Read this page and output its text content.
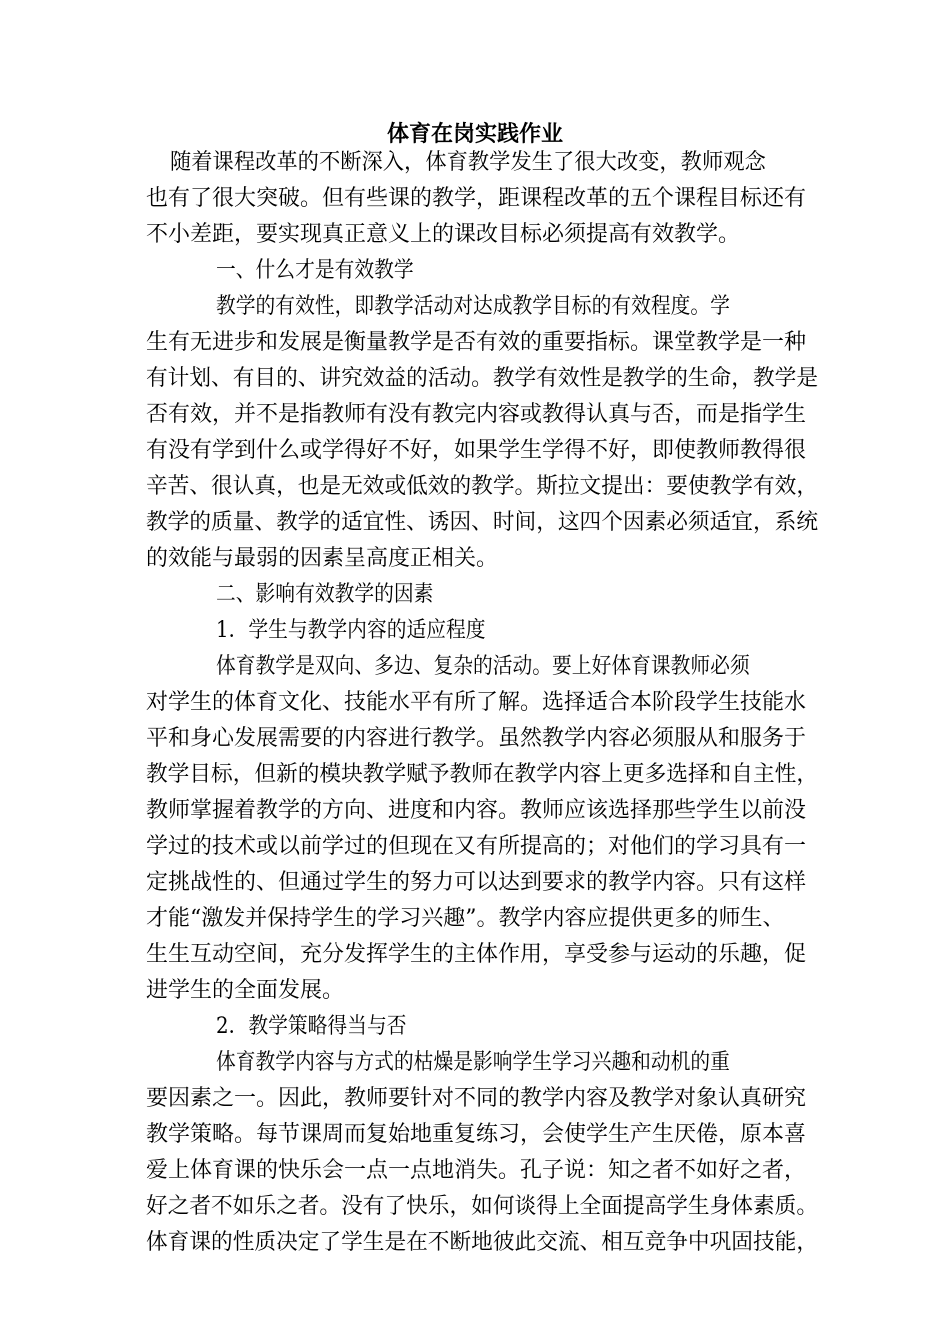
体育在岗实践作业

随着课程改革的不断深入，体育教学发生了很大改变，教师观念

也有了很大突破。但有些课的教学，距课程改革的五个课程目标还有

不小差距，要实现真正意义上的课改目标必须提高有效教学。

一、什么才是有效教学

教学的有效性，即教学活动对达成教学目标的有效程度。学

生有无进步和发展是衡量教学是否有效的重要指标。课堂教学是一种

有计划、有目的、讲究效益的活动。教学有效性是教学的生命，教学是

否有效，并不是指教师有没有教完内容或教得认真与否，而是指学生

有没有学到什么或学得好不好，如果学生学得不好，即使教师教得很

辛苦、很认真，也是无效或低效的教学。斯拉文提出：要使教学有效，

教学的质量、教学的适宜性、诱因、时间，这四个因素必须适宜，系统

的效能与最弱的因素呈高度正相关。

二、影响有效教学的因素

1．学生与教学内容的适应程度

体育教学是双向、多边、复杂的活动。要上好体育课教师必须

对学生的体育文化、技能水平有所了解。选择适合本阶段学生技能水

平和身心发展需要的内容进行教学。虽然教学内容必须服从和服务于

教学目标，但新的模块教学赋予教师在教学内容上更多选择和自主性，

教师掌握着教学的方向、进度和内容。教师应该选择那些学生以前没

学过的技术或以前学过的但现在又有所提高的；对他们的学习具有一

定挑战性的、但通过学生的努力可以达到要求的教学内容。只有这样

才能“激发并保持学生的学习兴趣”。教学内容应提供更多的师生、

生生互动空间，充分发挥学生的主体作用，享受参与运动的乐趣，促

进学生的全面发展。

2．教学策略得当与否

体育教学内容与方式的枯燥是影响学生学习兴趣和动机的重

要因素之一。因此，教师要针对不同的教学内容及教学对象认真研究

教学策略。每节课周而复始地重复练习，会使学生产生厌倦，原本喜

爱上体育课的快乐会一点一点地消失。孔子说：知之者不如好之者，

好之者不如乐之者。没有了快乐，如何谈得上全面提高学生身体素质。

体育课的性质决定了学生是在不断地彼此交流、相互竞争中巩固技能，
